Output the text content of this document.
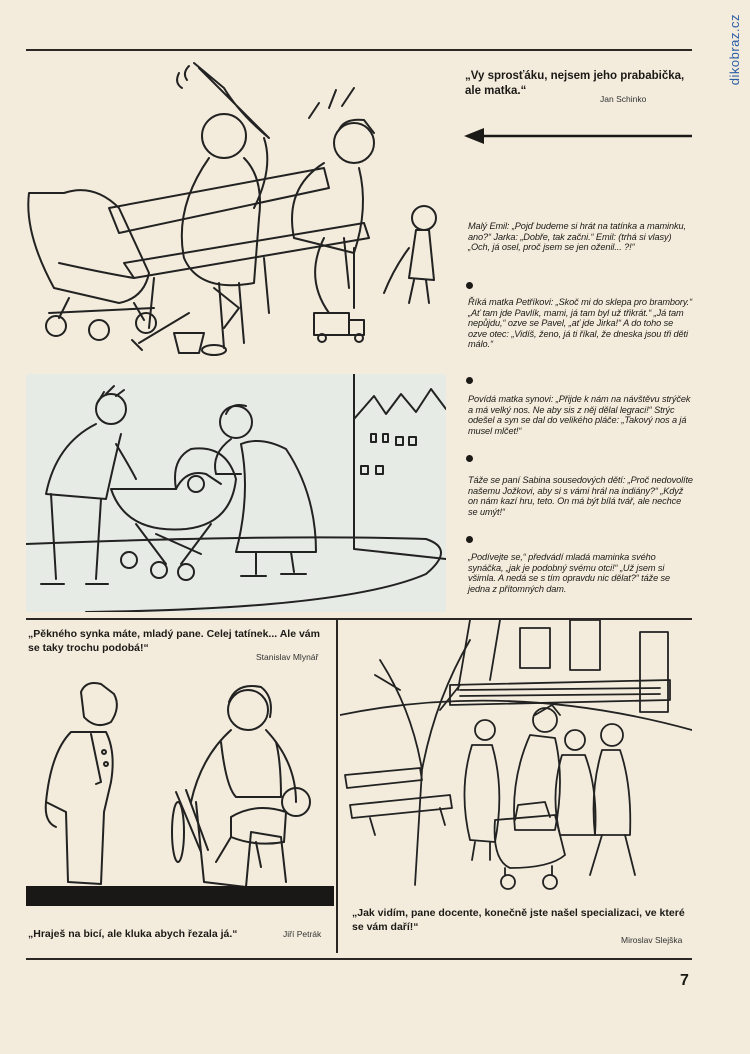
dikobraz.cz
„Vy sprosťáku, nejsem jeho prababička, ale matka.“
Jan Schinko
Malý Emil: „Pojď budeme si hrát na tatínka a maminku, ano?“ Jarka: „Dobře, tak začni.“ Emil: (trhá si vlasy) „Och, já osel, proč jsem se jen oženil... ?!“
Říká matka Petříkovi: „Skoč mi do sklepa pro brambory.“ „Ať tam jde Pavlík, mami, já tam byl už třikrát.“ „Já tam nepůjdu,“ ozve se Pavel, „ať jde Jirka!“ A do toho se ozve otec: „Vidíš, ženo, já ti říkal, že dneska jsou tři děti málo.“
Povídá matka synovi: „Přijde k nám na návštěvu strýček a má velký nos. Ne aby sis z něj dělal legraci!“ Strýc odešel a syn se dal do velikého pláče: „Takový nos a já musel mlčet!“
Táže se paní Sabina sousedových dětí: „Proč nedovolíte našemu Jožkovi, aby si s vámi hrál na indiány?“ „Když on nám kazí hru, teto. On má být bílá tvář, ale nechce se umýt!“
„Podívejte se,“ předvádí mladá maminka svého synáčka, „jak je podobný svému otci!“ „Už jsem si všimla. A nedá se s tím opravdu nic dělat?“ táže se jedna z přítomných dam.
„Pěkného synka máte, mladý pane. Celej tatínek... Ale vám se taky trochu podobá!“
Stanislav Mlynář
„Hraješ na bicí, ale kluka abych řezala já.“	Jiří Petrák
„Jak vidím, pane docente, konečně jste našel specializaci, ve které se vám daří!“
Miroslav Slejška
7
